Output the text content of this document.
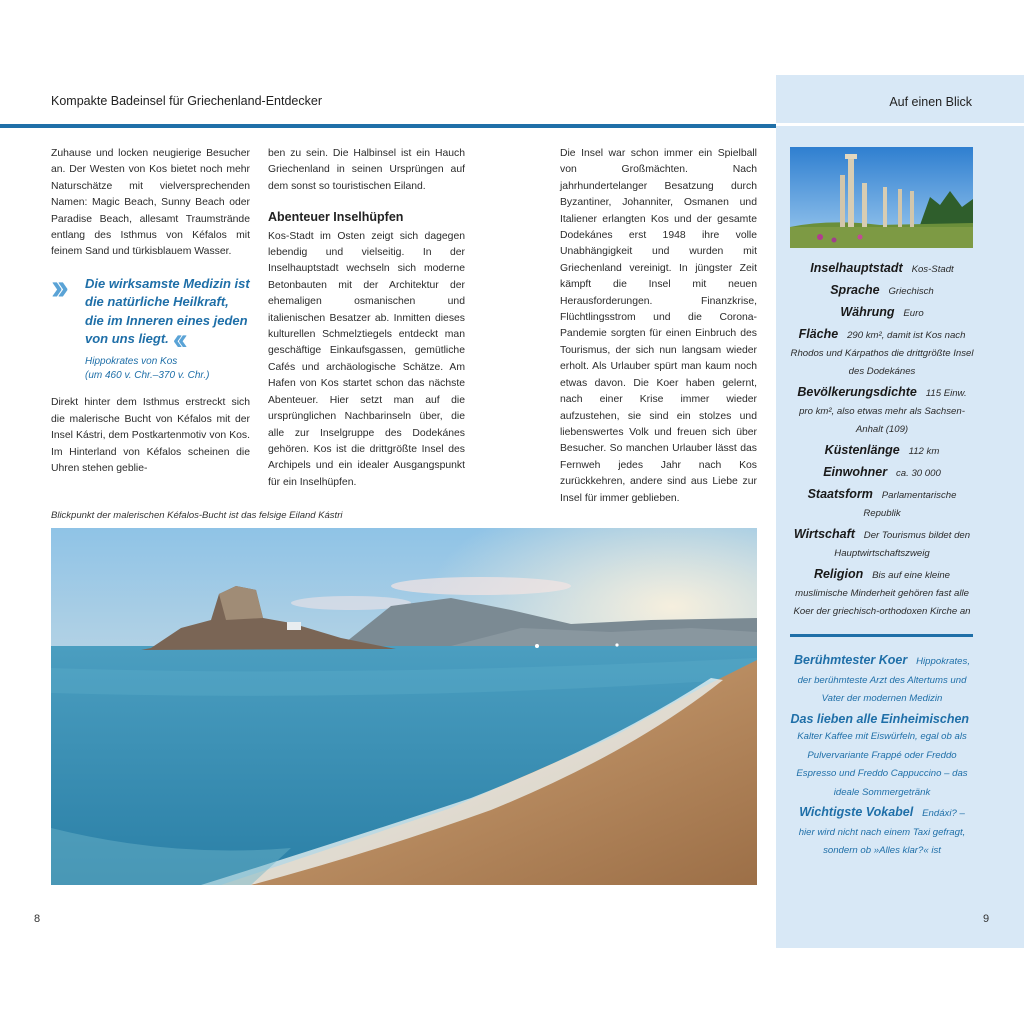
Kompakte Badeinsel für Griechenland-Entdecker	Auf einen Blick

Zuhause und locken neugierige Besucher an. Der Westen von Kos bietet noch mehr Naturschätze mit vielversprechenden Namen: Magic Beach, Sunny Beach oder Paradise Beach, allesamt Traumstrände entlang des Isthmus von Kéfalos mit feinem Sand und türkisblauem Wasser.

›› Die wirksamste Medizin ist die natürliche Heilkraft, die im Inneren eines jeden von uns liegt. ‹‹
Hippokrates von Kos
(um 460 v. Chr.–370 v. Chr.)

Direkt hinter dem Isthmus erstreckt sich die malerische Bucht von Kéfalos mit der Insel Kástri, dem Postkartenmotiv von Kos. Im Hinterland von Kéfalos scheinen die Uhren stehen geblie-

ben zu sein. Die Halbinsel ist ein Hauch Griechenland in seinen Ursprüngen auf dem sonst so touristischen Eiland.

Abenteuer Inselhüpfen

Kos-Stadt im Osten zeigt sich dagegen lebendig und vielseitig. In der Inselhauptstadt wechseln sich moderne Betonbauten mit der Architektur der ehemaligen osmanischen und italienischen Besatzer ab. Inmitten dieses kulturellen Schmelztiegels entdeckt man geschäftige Einkaufsgassen, gemütliche Cafés und archäologische Schätze. Am Hafen von Kos startet schon das nächste Abenteuer. Hier setzt man auf die ursprünglichen Nachbarinseln über, die alle zur Inselgruppe des Dodekánes gehören. Kos ist die drittgrößte Insel des Archipels und ein idealer Ausgangspunkt für ein Inselhüpfen.

Die Insel war schon immer ein Spielball von Großmächten. Nach jahrhundertelanger Besatzung durch Byzantiner, Johanniter, Osmanen und Italiener erlangten Kos und der gesamte Dodekánes erst 1948 ihre volle Unabhängigkeit und wurden mit Griechenland vereinigt. In jüngster Zeit kämpft die Insel mit neuen Herausforderungen. Finanzkrise, Flüchtlingsstrom und die Corona-Pandemie sorgten für einen Einbruch des Tourismus, der sich nun langsam wieder erholt. Als Urlauber spürt man kaum noch etwas davon. Die Koer haben gelernt, nach einer Krise immer wieder aufzustehen, sie sind ein stolzes und liebenswertes Volk und freuen sich über Besucher. So manchen Urlauber lässt das Fernweh jedes Jahr nach Kos zurückkehren, andere sind aus Liebe zur Insel für immer geblieben.

Blickpunkt der malerischen Kéfalos-Bucht ist das felsige Eiland Kástri
Inselhauptstadt Kos-Stadt
Sprache Griechisch
Währung Euro
Fläche 290 km², damit ist Kos nach Rhodos und Kárpathos die drittgrößte Insel des Dodekánes
Bevölkerungsdichte 115 Einw. pro km², also etwas mehr als Sachsen-Anhalt (109)
Küstenlänge 112 km
Einwohner ca. 30 000
Staatsform Parlamentarische Republik
Wirtschaft Der Tourismus bildet den Hauptwirtschaftszweig
Religion Bis auf eine kleine muslimische Minderheit gehören fast alle Koer der griechisch-orthodoxen Kirche an
Berühmtester Koer Hippokrates, der berühmteste Arzt des Altertums und Vater der modernen Medizin
Das lieben alle Einheimischen  Kalter Kaffee mit Eiswürfeln, egal ob als Pulvervariante Frappé oder Freddo Espresso und Freddo Cappuccino – das ideale Sommergetränk
Wichtigste Vokabel Endáxi? – hier wird nicht nach einem Taxi gefragt, sondern ob »Alles klar?« ist
8	9
